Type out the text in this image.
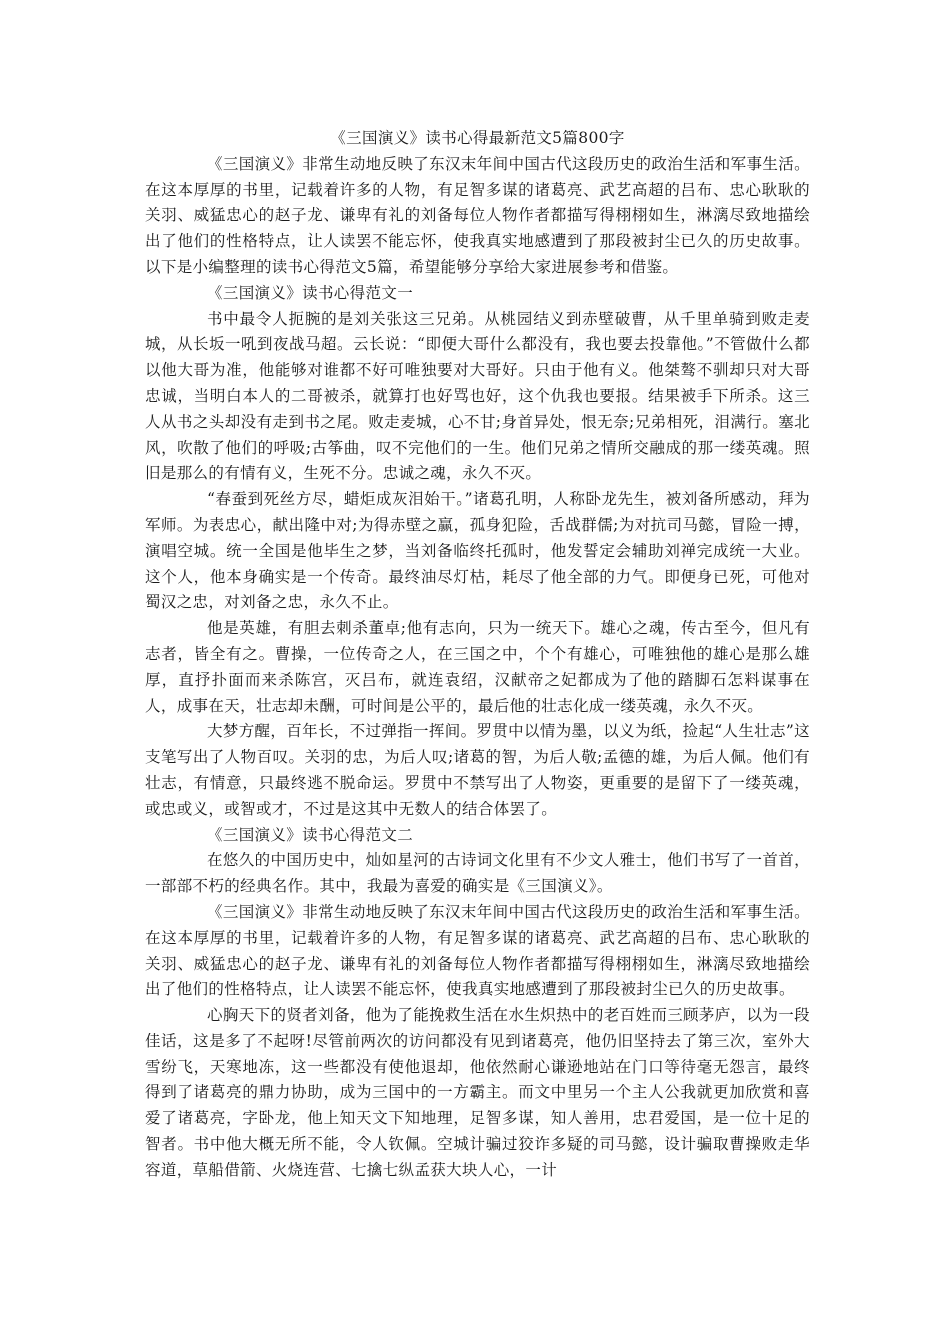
《三国演义》读书心得最新范文5篇800字

《三国演义》非常生动地反映了东汉末年间中国古代这段历史的政治生活和军事生活。在这本厚厚的书里，记载着许多的人物，有足智多谋的诸葛亮、武艺高超的吕布、忠心耿耿的关羽、威猛忠心的赵子龙、谦卑有礼的刘备每位人物作者都描写得栩栩如生，淋漓尽致地描绘出了他们的性格特点，让人读罢不能忘怀，使我真实地感遭到了那段被封尘已久的历史故事。以下是小编整理的读书心得范文5篇，希望能够分享给大家进展参考和借鉴。

《三国演义》读书心得范文一

书中最令人扼腕的是刘关张这三兄弟。从桃园结义到赤壁破曹，从千里单骑到败走麦城，从长坂一吼到夜战马超。云长说：“即便大哥什么都没有，我也要去投靠他。”不管做什么都以他大哥为准，他能够对谁都不好可唯独要对大哥好。只由于他有义。他桀骜不驯却只对大哥忠诚，当明白本人的二哥被杀，就算打也好骂也好，这个仇我也要报。结果被手下所杀。这三人从书之头却没有走到书之尾。败走麦城，心不甘;身首异处，恨无奈;兄弟相死，泪满行。塞北风，吹散了他们的呼吸;古筝曲，叹不完他们的一生。他们兄弟之情所交融成的那一缕英魂。照旧是那么的有情有义，生死不分。忠诚之魂，永久不灭。

“春蚕到死丝方尽，蜡炬成灰泪始干。”诸葛孔明，人称卧龙先生，被刘备所感动，拜为军师。为表忠心，献出隆中对;为得赤壁之赢，孤身犯险，舌战群儒;为对抗司马懿，冒险一搏，演唱空城。统一全国是他毕生之梦，当刘备临终托孤时，他发誓定会辅助刘禅完成统一大业。这个人，他本身确实是一个传奇。最终油尽灯枯，耗尽了他全部的力气。即便身已死，可他对蜀汉之忠，对刘备之忠，永久不止。

他是英雄，有胆去刺杀董卓;他有志向，只为一统天下。雄心之魂，传古至今，但凡有志者，皆全有之。曹操，一位传奇之人，在三国之中，个个有雄心，可唯独他的雄心是那么雄厚，直抒扑面而来杀陈宫，灭吕布，就连袁绍，汉献帝之妃都成为了他的踏脚石怎料谋事在人，成事在天，壮志却未酬，可时间是公平的，最后他的壮志化成一缕英魂，永久不灭。

大梦方醒，百年长，不过弹指一挥间。罗贯中以情为墨，以义为纸，捡起“人生壮志”这支笔写出了人物百叹。关羽的忠，为后人叹;诸葛的智，为后人敬;孟德的雄，为后人佩。他们有壮志，有情意，只最终逃不脱命运。罗贯中不禁写出了人物姿，更重要的是留下了一缕英魂，或忠或义，或智或才，不过是这其中无数人的结合体罢了。

《三国演义》读书心得范文二

在悠久的中国历史中，灿如星河的古诗词文化里有不少文人雅士，他们书写了一首首，一部部不朽的经典名作。其中，我最为喜爱的确实是《三国演义》。

《三国演义》非常生动地反映了东汉末年间中国古代这段历史的政治生活和军事生活。在这本厚厚的书里，记载着许多的人物，有足智多谋的诸葛亮、武艺高超的吕布、忠心耿耿的关羽、威猛忠心的赵子龙、谦卑有礼的刘备每位人物作者都描写得栩栩如生，淋漓尽致地描绘出了他们的性格特点，让人读罢不能忘怀，使我真实地感遭到了那段被封尘已久的历史故事。

心胸天下的贤者刘备，他为了能挽救生活在水生炽热中的老百姓而三顾茅庐，以为一段佳话，这是多了不起呀!尽管前两次的访问都没有见到诸葛亮，他仍旧坚持去了第三次，室外大雪纷飞，天寒地冻，这一些都没有使他退却，他依然耐心谦逊地站在门口等待毫无怨言，最终得到了诸葛亮的鼎力协助，成为三国中的一方霸主。而文中里另一个主人公我就更加欣赏和喜爱了诸葛亮，字卧龙，他上知天文下知地理，足智多谋，知人善用，忠君爱国，是一位十足的智者。书中他大概无所不能，令人钦佩。空城计骗过狡诈多疑的司马懿，设计骗取曹操败走华容道，草船借箭、火烧连营、七擒七纵孟获大块人心，一计
